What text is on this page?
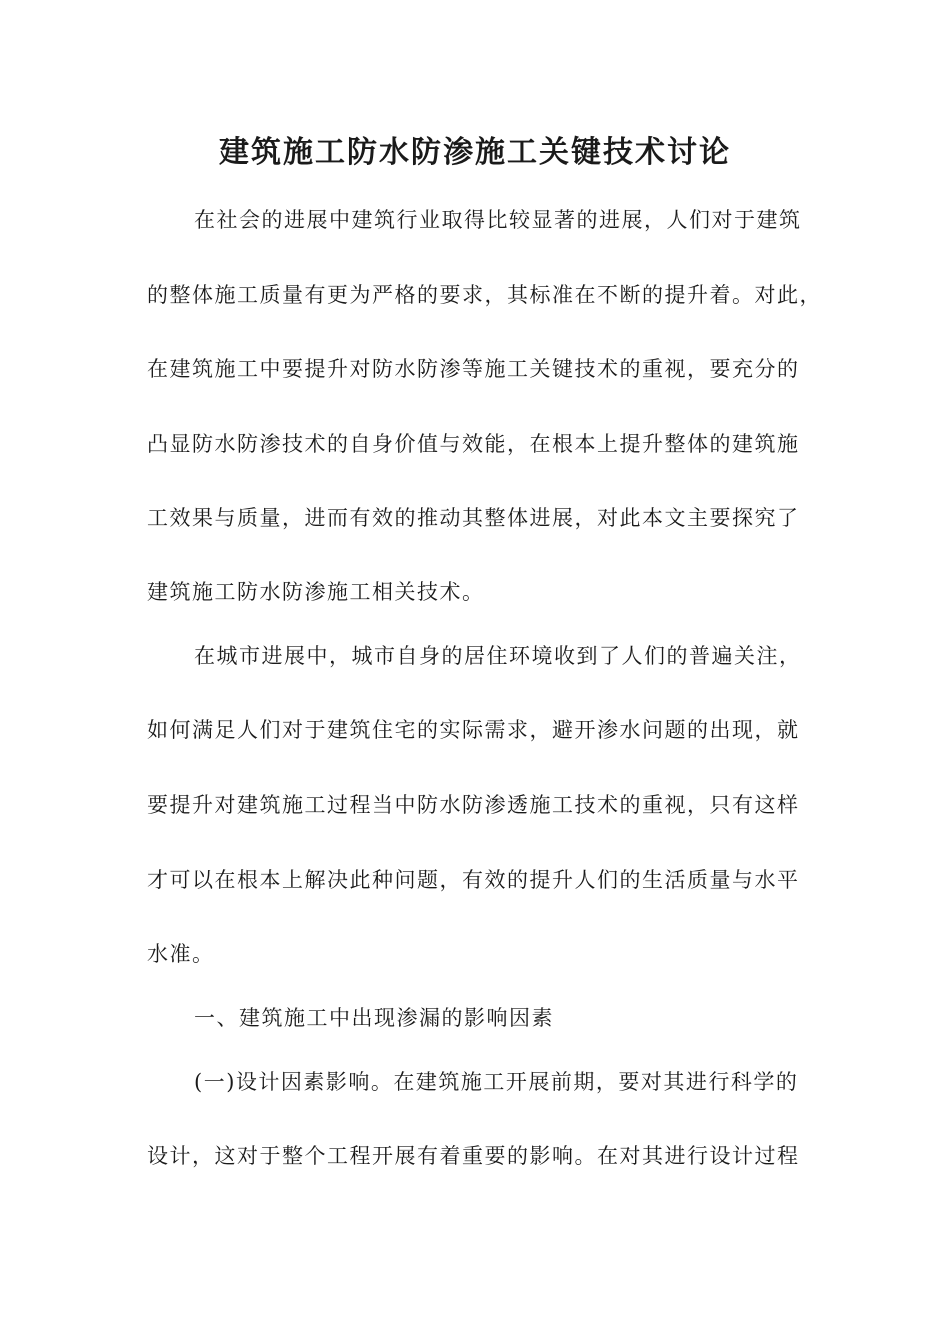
建筑施工防水防渗施工关键技术讨论
在社会的进展中建筑行业取得比较显著的进展，人们对于建筑
的整体施工质量有更为严格的要求，其标准在不断的提升着。对此，
在建筑施工中要提升对防水防渗等施工关键技术的重视，要充分的
凸显防水防渗技术的自身价值与效能，在根本上提升整体的建筑施
工效果与质量，进而有效的推动其整体进展，对此本文主要探究了
建筑施工防水防渗施工相关技术。
在城市进展中，城市自身的居住环境收到了人们的普遍关注，
如何满足人们对于建筑住宅的实际需求，避开渗水问题的出现，就
要提升对建筑施工过程当中防水防渗透施工技术的重视，只有这样
才可以在根本上解决此种问题，有效的提升人们的生活质量与水平
水准。
一、建筑施工中出现渗漏的影响因素
(一)设计因素影响。在建筑施工开展前期，要对其进行科学的
设计，这对于整个工程开展有着重要的影响。在对其进行设计过程
